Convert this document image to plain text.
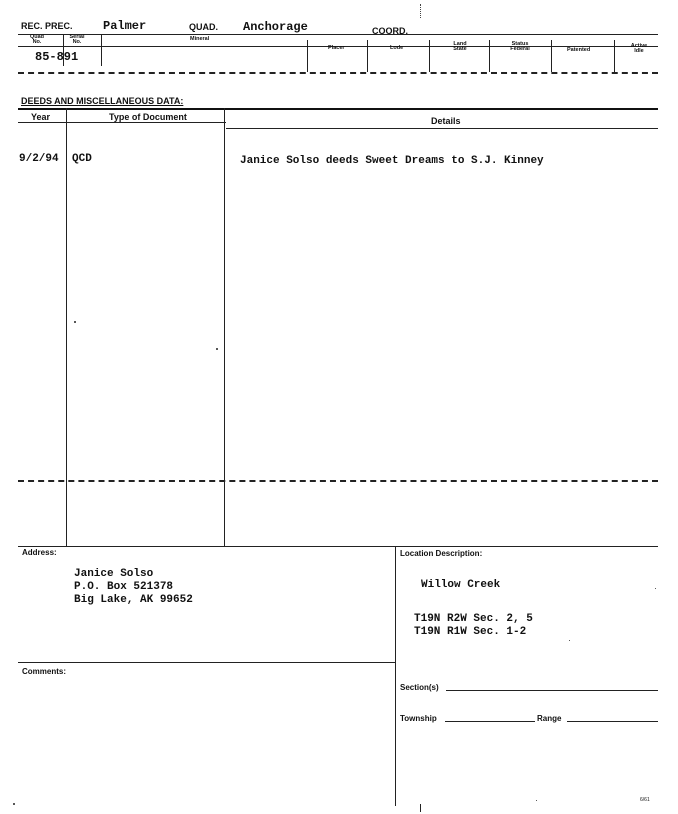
REC. PREC.	Palmer	QUAD. Anchorage	COORD.
Quad No.
Serial No.	Mineral
Placer	Lode
Land State
Status Federal	Patented
Active Idle
85-891
DEEDS AND MISCELLANEOUS DATA:
Year	Type of Document	Details
9/2/94 QCD	Janice Solso deeds Sweet Dreams to S.J. Kinney
Address:
Janice Solso
P.O. Box 521378
Big Lake, AK 99652
Location Description:
Willow Creek
T19N R2W Sec. 2, 5
T19N R1W Sec. 1-2
Comments:
Section(s)
Township	Range
6/61
